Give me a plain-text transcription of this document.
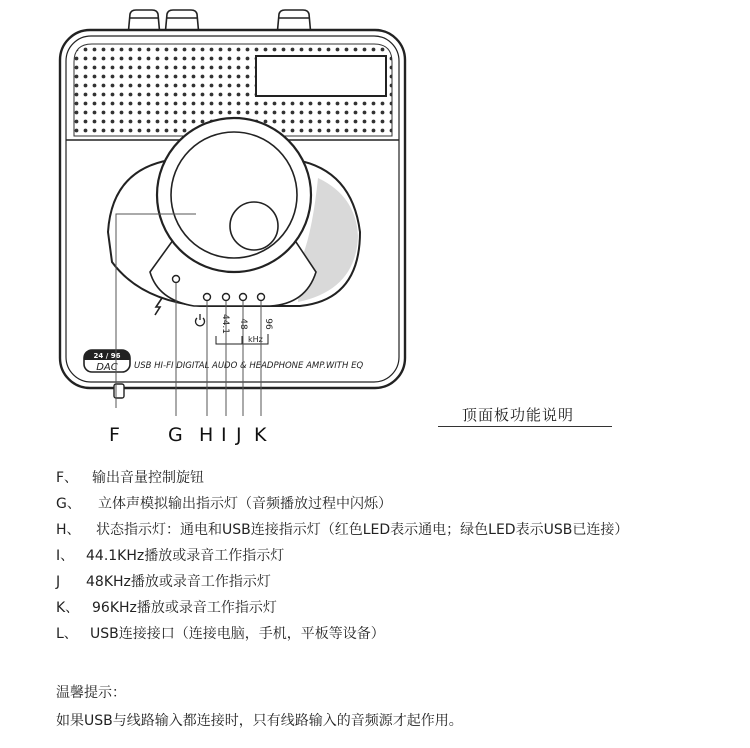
44.1 48 96
kHz
24 / 96
DAC USB HI-FI DIGITAL AUDO & HEADPHONE AMP.WITH EQ
顶面板功能说明
F	G H I J K
F、 输出音量控制旋钮
G、 立体声模拟输出指示灯（音频播放过程中闪烁）
H、 状态指示灯：通电和USB连接指示灯（红色LED表示通电；绿色LED表示USB已连接）
I、 44.1KHz播放或录音工作指示灯
J 48KHz播放或录音工作指示灯
K、 96KHz播放或录音工作指示灯
L、 USB连接接口（连接电脑，手机，平板等设备）
温馨提示：
如果USB与线路输入都连接时，只有线路输入的音频源才起作用。
